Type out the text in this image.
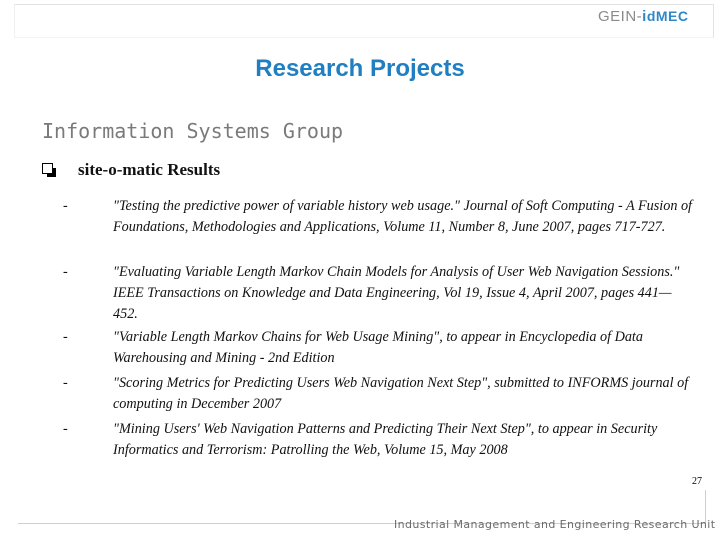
GEIN- i dMEC
Research Projects
Information Systems Group
site-o-matic Results
-	"Testing the predictive power of variable history web usage." Journal of Soft Computing - A Fusion of Foundations, Methodologies and Applications, Volume 11, Number 8, June 2007, pages 717-727.
-	"Evaluating Variable Length Markov Chain Models for Analysis of User Web Navigation Sessions." IEEE Transactions on Knowledge and Data Engineering, Vol 19, Issue 4, April 2007, pages 441—452.
-	"Variable Length Markov Chains for Web Usage Mining", to appear in Encyclopedia of Data Warehousing and Mining - 2nd Edition
-	"Scoring Metrics for Predicting Users Web Navigation Next Step", submitted to INFORMS journal of computing in December 2007
-	"Mining Users' Web Navigation Patterns and Predicting Their Next Step", to appear in Security Informatics and Terrorism: Patrolling the Web, Volume 15, May 2008
27
Industrial Management and Engineering Research Unit
